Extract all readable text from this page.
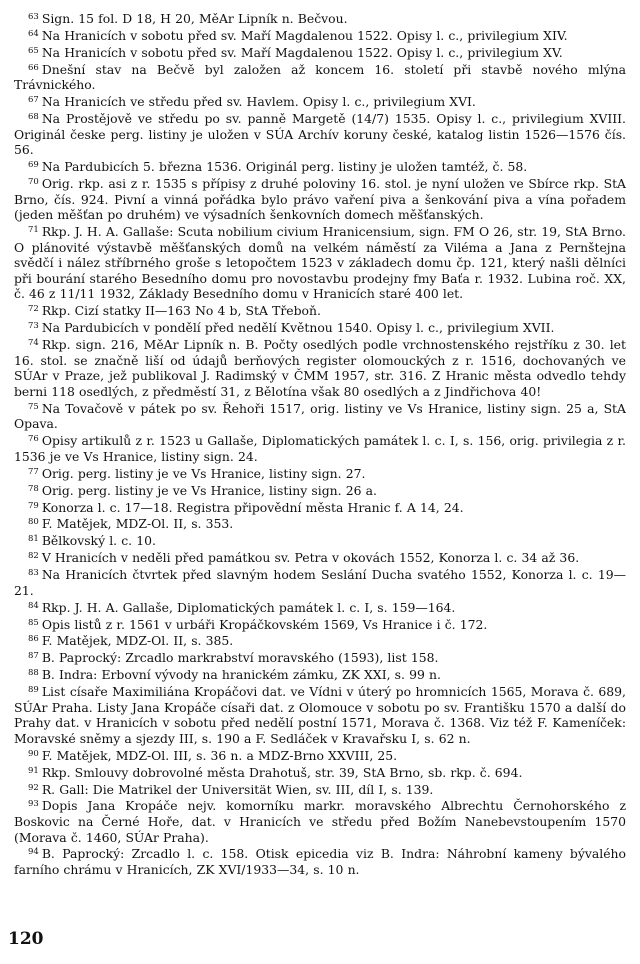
$^{63}$ Sign. 15 fol. D 18, H 20, MěAr Lipník n. Bečvou.

$^{64}$ Na Hranicích v sobotu před sv. Maří Magdalenou 1522. Opisy l. c., privilegium XIV.

$^{65}$ Na Hranicích v sobotu před sv. Maří Magdalenou 1522. Opisy l. c., privilegium XV.

$^{66}$ Dnešní stav na Bečvě byl založen až koncem 16. století při stavbě nového mlýna Trávnického.

$^{67}$ Na Hranicích ve středu před sv. Havlem. Opisy l. c., privilegium XVI.

$^{68}$ Na Prostějově ve středu po sv. panně Margetě (14/7) 1535. Opisy l. c., privilegium XVIII. Originál česke perg. listiny je uložen v SÚA Archív koruny české, katalog listin 1526—1576 čís. 56.

$^{69}$ Na Pardubicích 5. března 1536. Originál perg. listiny je uložen tamtéž, č. 58.

$^{70}$ Orig. rkp. asi z r. 1535 s přípisy z druhé poloviny 16. stol. je nyní uložen ve Sbírce rkp. StA Brno, čís. 924. Pivní a vinná pořádka bylo právo vaření piva a šenkování piva a vína pořadem (jeden měšťan po druhém) ve výsadních šenkovních domech měšťanských.

$^{71}$ Rkp. J. H. A. Gallaše: Scuta nobilium civium Hranicensium, sign. FM O 26, str. 19, StA Brno. O plánovité výstavbě měšťanských domů na velkém náměstí za Viléma a Jana z Pernštejna svědčí i nález stříbrného groše s letopočtem 1523 v základech domu čp. 121, který našli dělníci při bourání starého Besedního domu pro novostavbu prodejny fmy Baťa r. 1932. Lubina roč. XX, č. 46 z 11/11 1932, Základy Besedního domu v Hranicích staré 400 let.

$^{72}$ Rkp. Cizí statky II—163 No 4 b, StA Třeboň.

$^{73}$ Na Pardubicích v pondělí před nedělí Květnou 1540. Opisy l. c., privilegium XVII.

$^{74}$ Rkp. sign. 216, MěAr Lipník n. B. Počty osedlých podle vrchnostenského rejstříku z 30. let 16. stol. se značně liší od údajů berňových register olomouckých z r. 1516, dochovaných ve SÚAr v Praze, jež publikoval J. Radimský v ČMM 1957, str. 316. Z Hranic města odvedlo tehdy berni 118 osedlých, z předměstí 31, z Bělotína však 80 osedlých a z Jindřichova 40!

$^{75}$ Na Tovačově v pátek po sv. Řehoři 1517, orig. listiny ve Vs Hranice, listiny sign. 25 a, StA Opava.

$^{76}$ Opisy artikulů z r. 1523 u Gallaše, Diplomatických památek l. c. I, s. 156, orig. privilegia z r. 1536 je ve Vs Hranice, listiny sign. 24.

$^{77}$ Orig. perg. listiny je ve Vs Hranice, listiny sign. 27.

$^{78}$ Orig. perg. listiny je ve Vs Hranice, listiny sign. 26 a.

$^{79}$ Konorza l. c. 17—18. Registra připovědní města Hranic f. A 14, 24.

$^{80}$ F. Matějek, MDZ-Ol. II, s. 353.

$^{81}$ Bělkovský l. c. 10.

$^{82}$ V Hranicích v neděli před památkou sv. Petra v okovách 1552, Konorza l. c. 34 až 36.

$^{83}$ Na Hranicích čtvrtek před slavným hodem Seslání Ducha svatého 1552, Konorza l. c. 19—21.

$^{84}$ Rkp. J. H. A. Gallaše, Diplomatických památek l. c. I, s. 159—164.

$^{85}$ Opis listů z r. 1561 v urbáři Kropáčkovském 1569, Vs Hranice i č. 172.

$^{86}$ F. Matějek, MDZ-Ol. II, s. 385.

$^{87}$ B. Paprocký: Zrcadlo markrabství moravského (1593), list 158.

$^{88}$ B. Indra: Erbovní vývody na hranickém zámku, ZK XXI, s. 99 n.

$^{89}$ List císaře Maximiliána Kropáčovi dat. ve Vídni v úterý po hromnicích 1565, Morava č. 689, SÚAr Praha. Listy Jana Kropáče císaři dat. z Olomouce v sobotu po sv. Františku 1570 a další do Prahy dat. v Hranicích v sobotu před nedělí postní 1571, Morava č. 1368. Viz též F. Kameníček: Moravské sněmy a sjezdy III, s. 190 a F. Sedláček v Kravařsku I, s. 62 n.

$^{90}$ F. Matějek, MDZ-Ol. III, s. 36 n. a MDZ-Brno XXVIII, 25.

$^{91}$ Rkp. Smlouvy dobrovolné města Drahotuš, str. 39, StA Brno, sb. rkp. č. 694.

$^{92}$ R. Gall: Die Matrikel der Universität Wien, sv. III, díl I, s. 139.

$^{93}$ Dopis Jana Kropáče nejv. komorníku markr. moravského Albrechtu Černohorského z Boskovic na Černé Hoře, dat. v Hranicích ve středu před Božím Nanebevstoupením 1570 (Morava č. 1460, SÚAr Praha).

$^{94}$ B. Paprocký: Zrcadlo l. c. 158. Otisk epicedia viz B. Indra: Náhrobní kameny bývalého farního chrámu v Hranicích, ZK XVI/1933—34, s. 10 n.

120
